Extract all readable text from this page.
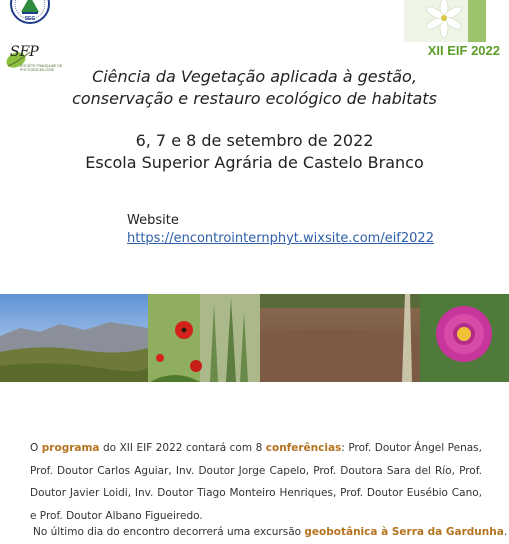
SEG
SFP
SOCIÉTÉ FRANÇAISE DE PHYTOSOCIOLOGIE
XII EIF 2022
Ciência da Vegetação aplicada à gestão,
conservação e restauro ecológico de habitats
6, 7 e 8 de setembro de 2022
Escola Superior Agrária de Castelo Branco
Website
https://encontrointernphyt.wixsite.com/eif2022
O programa do XII EIF 2022 contará com 8 conferências: Prof. Doutor Ángel Penas, Prof. Doutor Carlos Aguiar, Inv. Doutor Jorge Capelo, Prof. Doutora Sara del Río, Prof. Doutor Javier Loidi, Inv. Doutor Tiago Monteiro Henriques, Prof. Doutor Eusébio Cano, e Prof. Doutor Albano Figueiredo.
No último dia do encontro decorrerá uma excursão geobotânica à Serra da Gardunha.
